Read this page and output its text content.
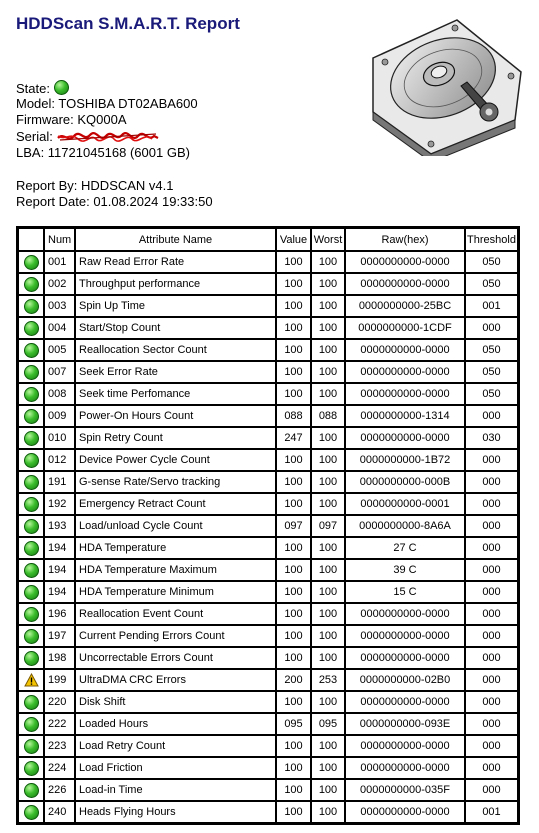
HDDScan S.M.A.R.T. Report
State:
Model: TOSHIBA DT02ABA600
Firmware: KQ000A
Serial:
LBA: 11721045168 (6001 GB)
Report By: HDDSCAN v4.1
Report Date: 01.08.2024 19:33:50
	Num	Attribute Name	Value	Worst	Raw(hex)	Threshold
	001	Raw Read Error Rate	100	100	0000000000-0000	050
	002	Throughput performance	100	100	0000000000-0000	050
	003	Spin Up Time	100	100	0000000000-25BC	001
	004	Start/Stop Count	100	100	0000000000-1CDF	000
	005	Reallocation Sector Count	100	100	0000000000-0000	050
	007	Seek Error Rate	100	100	0000000000-0000	050
	008	Seek time Perfomance	100	100	0000000000-0000	050
	009	Power-On Hours Count	088	088	0000000000-1314	000
	010	Spin Retry Count	247	100	0000000000-0000	030
	012	Device Power Cycle Count	100	100	0000000000-1B72	000
	191	G-sense Rate/Servo tracking	100	100	0000000000-000B	000
	192	Emergency Retract Count	100	100	0000000000-0001	000
	193	Load/unload Cycle Count	097	097	0000000000-8A6A	000
	194	HDA Temperature	100	100	27 C	000
	194	HDA Temperature Maximum	100	100	39 C	000
	194	HDA Temperature Minimum	100	100	15 C	000
	196	Reallocation Event Count	100	100	0000000000-0000	000
	197	Current Pending Errors Count	100	100	0000000000-0000	000
	198	Uncorrectable Errors Count	100	100	0000000000-0000	000
	199	UltraDMA CRC Errors	200	253	0000000000-02B0	000
	220	Disk Shift	100	100	0000000000-0000	000
	222	Loaded Hours	095	095	0000000000-093E	000
	223	Load Retry Count	100	100	0000000000-0000	000
	224	Load Friction	100	100	0000000000-0000	000
	226	Load-in Time	100	100	0000000000-035F	000
	240	Heads Flying Hours	100	100	0000000000-0000	001
